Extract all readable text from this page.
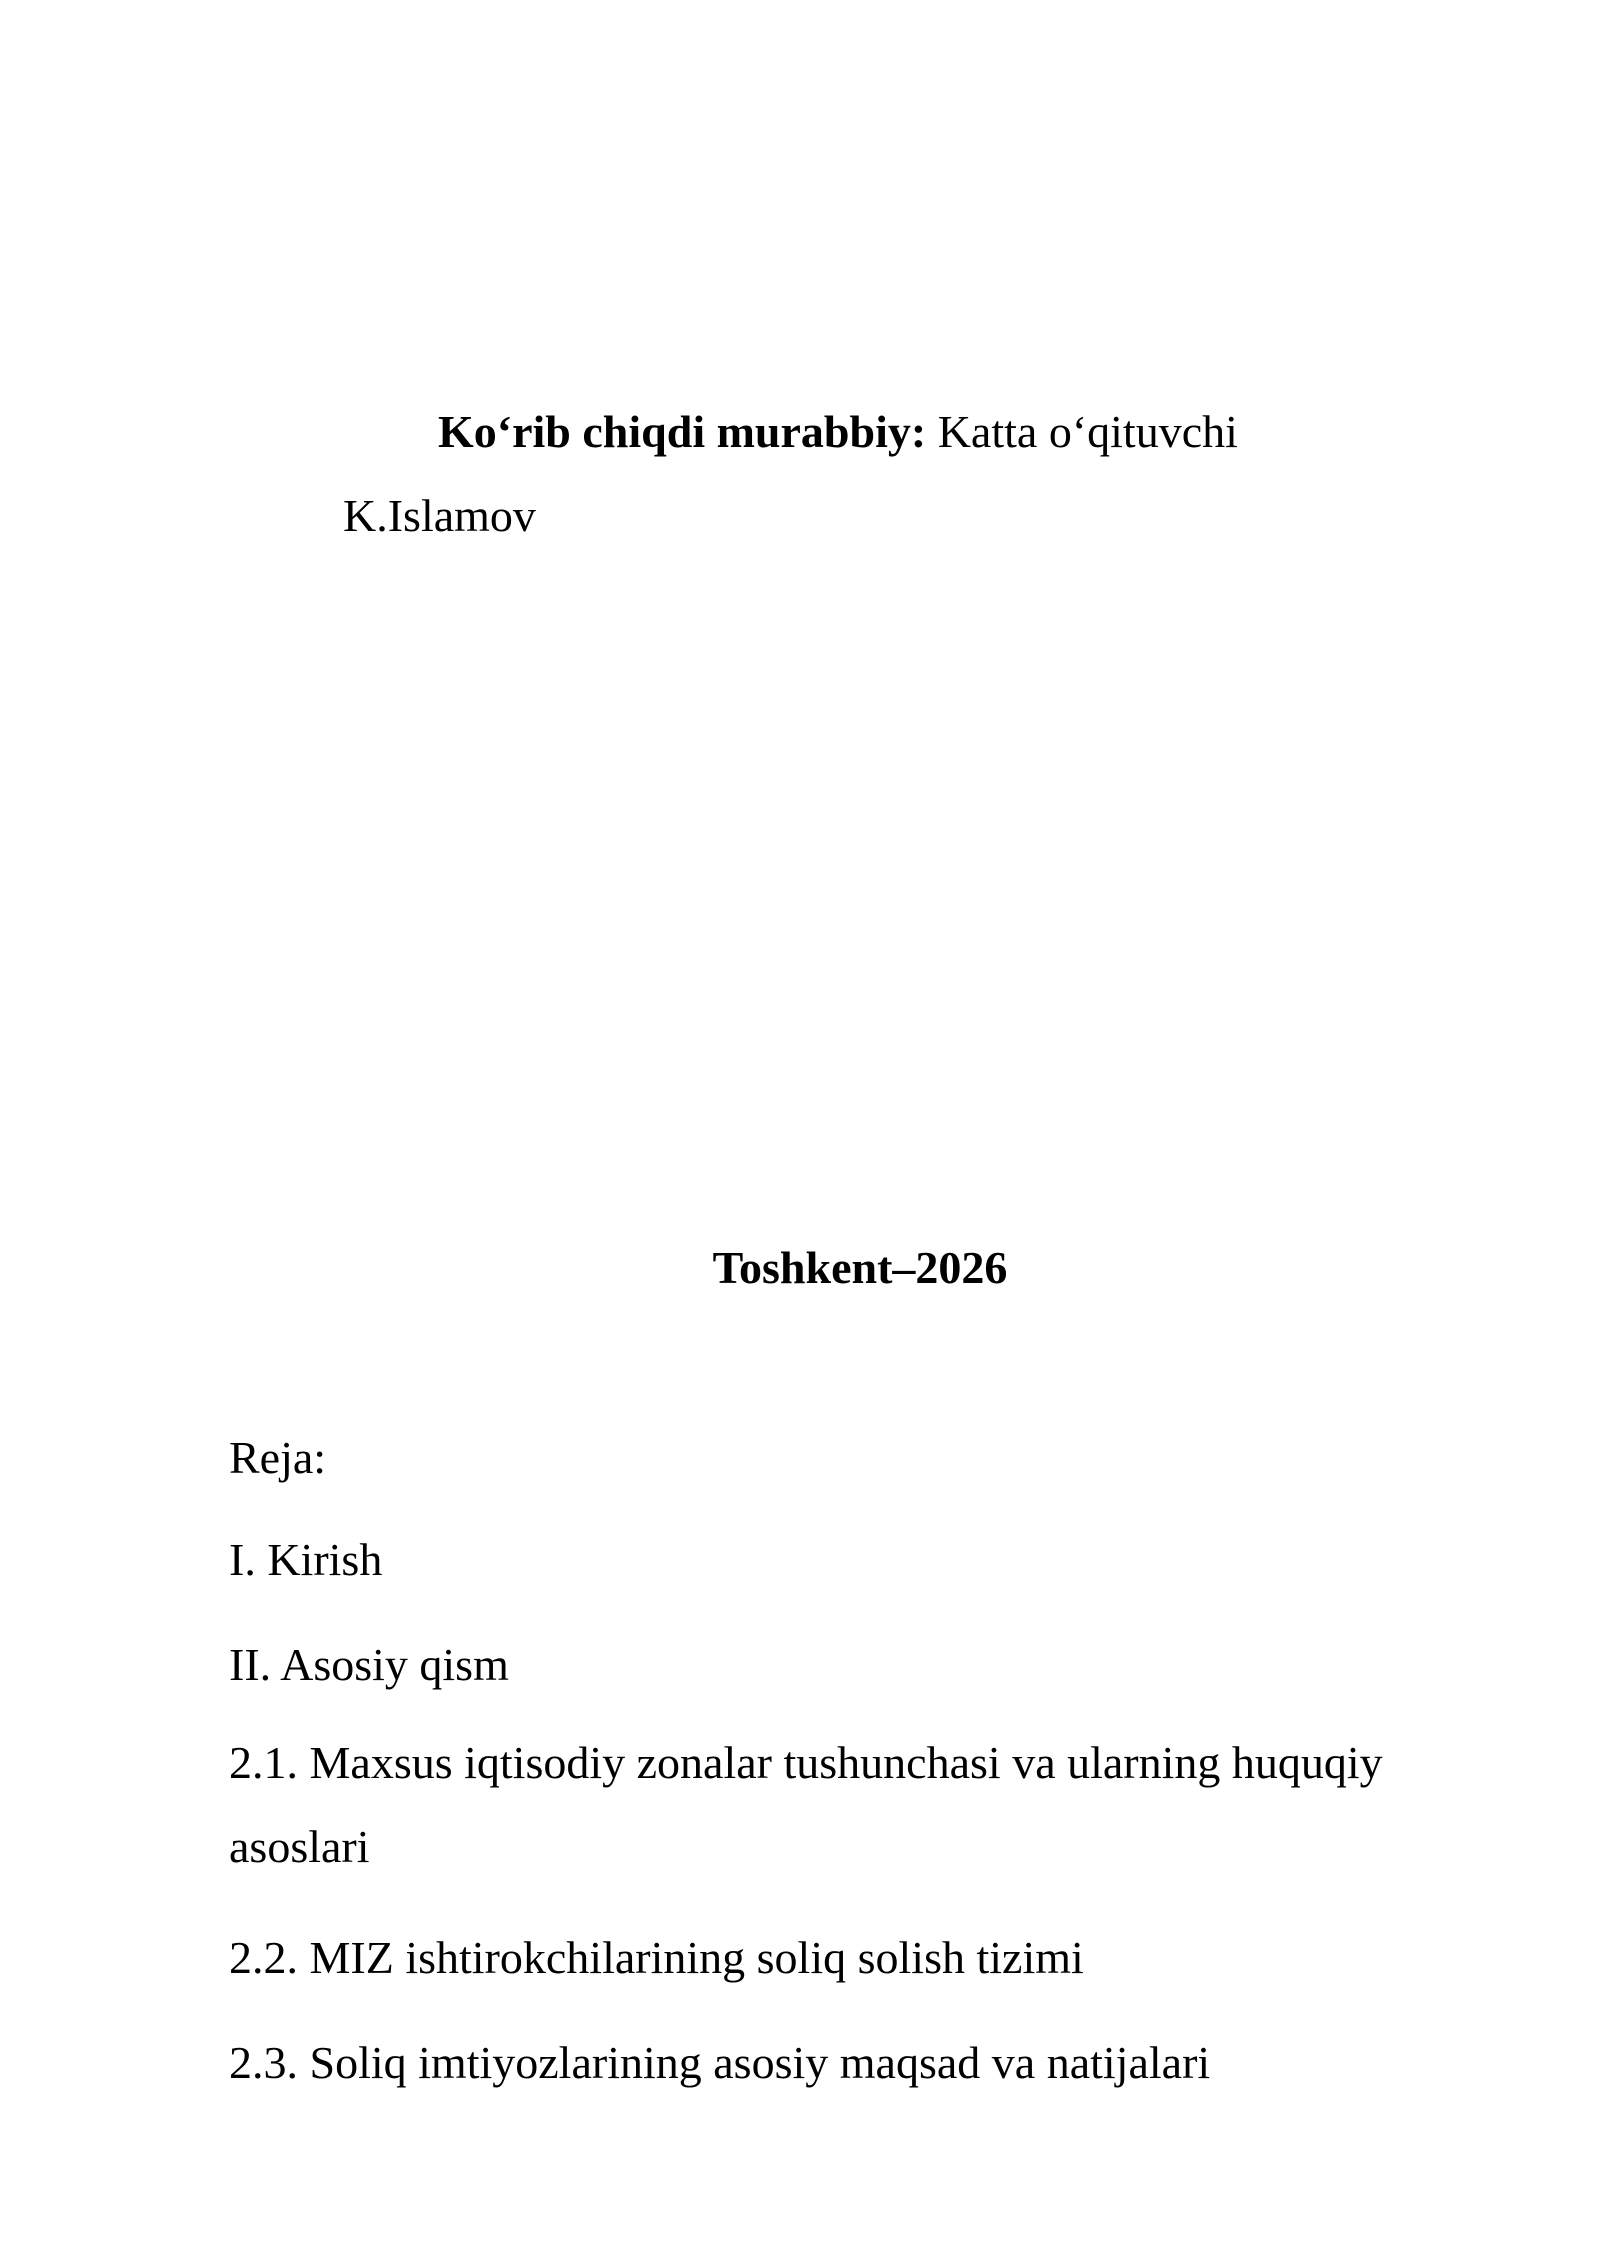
Ko‘rib chiqdi murabbiy: Katta o‘qituvchi
K.Islamov
Toshkent–2026
Reja:
I. Kirish
II. Asosiy qism
2.1. Maxsus iqtisodiy zonalar tushunchasi va ularning huquqiy asoslari
2.2. MIZ ishtirokchilarining soliq solish tizimi
2.3. Soliq imtiyozlarining asosiy maqsad va natijalari
